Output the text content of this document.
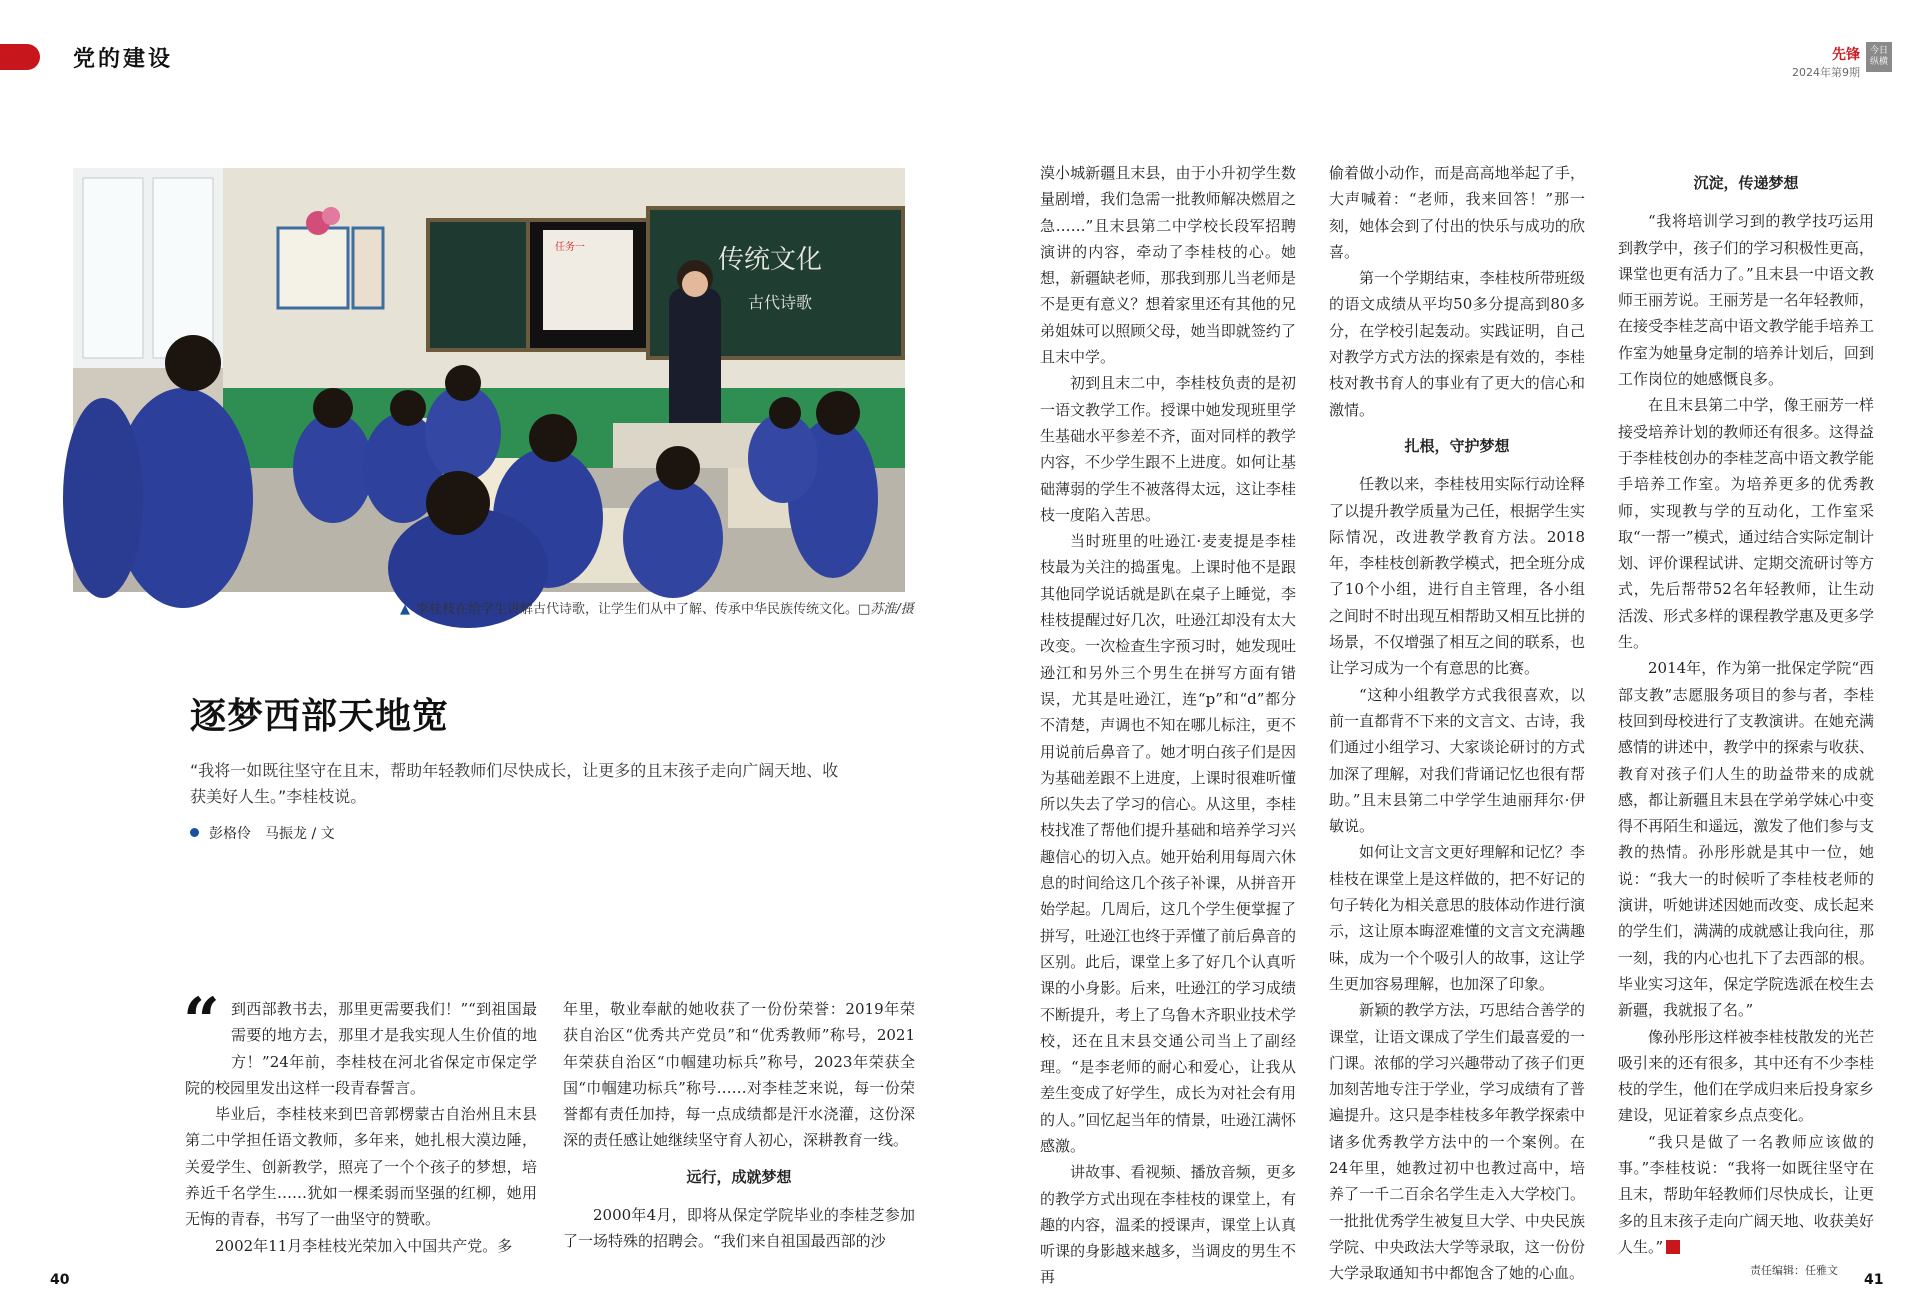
党的建设	先锋
2024年第9期
今日 纵横
任务一	传统文化
古代诗歌
▲ 李桂枝在给学生讲解古代诗歌，让学生们从中了解、传承中华民族传统文化。□苏淮/摄
逐梦西部天地宽
“我将一如既往坚守在且末，帮助年轻教师们尽快成长，让更多的且末孩子走向广阔天地、收获美好人生。”李桂枝说。
彭格伶　马振龙 / 文
“ 到西部教书去，那里更需要我们！”“到祖国最需要的地方去，那里才是我实现人生价值的地方！”24年前，李桂枝在河北省保定市保定学院的校园里发出这样一段青春誓言。

毕业后，李桂枝来到巴音郭楞蒙古自治州且末县第二中学担任语文教师，多年来，她扎根大漠边陲，关爱学生、创新教学，照亮了一个个孩子的梦想，培养近千名学生……犹如一棵柔弱而坚强的红柳，她用无悔的青春，书写了一曲坚守的赞歌。

2002年11月李桂枝光荣加入中国共产党。多

年里，敬业奉献的她收获了一份份荣誉：2019年荣获自治区“优秀共产党员”和“优秀教师”称号，2021年荣获自治区“巾帼建功标兵”称号，2023年荣获全国“巾帼建功标兵”称号……对李桂芝来说，每一份荣誉都有责任加持，每一点成绩都是汗水浇灌，这份深深的责任感让她继续坚守育人初心，深耕教育一线。

远行，成就梦想

2000年4月，即将从保定学院毕业的李桂芝参加了一场特殊的招聘会。“我们来自祖国最西部的沙

漠小城新疆且末县，由于小升初学生数量剧增，我们急需一批教师解决燃眉之急……”且末县第二中学校长段军招聘演讲的内容，牵动了李桂枝的心。她想，新疆缺老师，那我到那儿当老师是不是更有意义？想着家里还有其他的兄弟姐妹可以照顾父母，她当即就签约了且末中学。

初到且末二中，李桂枝负责的是初一语文教学工作。授课中她发现班里学生基础水平参差不齐，面对同样的教学内容，不少学生跟不上进度。如何让基础薄弱的学生不被落得太远，这让李桂枝一度陷入苦思。

当时班里的吐逊江·麦麦提是李桂枝最为关注的捣蛋鬼。上课时他不是跟其他同学说话就是趴在桌子上睡觉，李桂枝提醒过好几次，吐逊江却没有太大改变。一次检查生字预习时，她发现吐逊江和另外三个男生在拼写方面有错误，尤其是吐逊江，连“p”和“d”都分不清楚，声调也不知在哪儿标注，更不用说前后鼻音了。她才明白孩子们是因为基础差跟不上进度，上课时很难听懂所以失去了学习的信心。从这里，李桂枝找准了帮他们提升基础和培养学习兴趣信心的切入点。她开始利用每周六休息的时间给这几个孩子补课，从拼音开始学起。几周后，这几个学生便掌握了拼写，吐逊江也终于弄懂了前后鼻音的区别。此后，课堂上多了好几个认真听课的小身影。后来，吐逊江的学习成绩不断提升，考上了乌鲁木齐职业技术学校，还在且末县交通公司当上了副经理。“是李老师的耐心和爱心，让我从差生变成了好学生，成长为对社会有用的人。”回忆起当年的情景，吐逊江满怀感激。

讲故事、看视频、播放音频，更多的教学方式出现在李桂枝的课堂上，有趣的内容，温柔的授课声，课堂上认真听课的身影越来越多，当调皮的男生不再

偷着做小动作，而是高高地举起了手，大声喊着：“老师，我来回答！”那一刻，她体会到了付出的快乐与成功的欣喜。

第一个学期结束，李桂枝所带班级的语文成绩从平均50多分提高到80多分，在学校引起轰动。实践证明，自己对教学方式方法的探索是有效的，李桂枝对教书育人的事业有了更大的信心和激情。

扎根，守护梦想

任教以来，李桂枝用实际行动诠释了以提升教学质量为己任，根据学生实际情况，改进教学教育方法。2018年，李桂枝创新教学模式，把全班分成了10个小组，进行自主管理，各小组之间时不时出现互相帮助又相互比拼的场景，不仅增强了相互之间的联系，也让学习成为一个有意思的比赛。

“这种小组教学方式我很喜欢，以前一直都背不下来的文言文、古诗，我们通过小组学习、大家谈论研讨的方式加深了理解，对我们背诵记忆也很有帮助。”且末县第二中学学生迪丽拜尔·伊敏说。

如何让文言文更好理解和记忆？李桂枝在课堂上是这样做的，把不好记的句子转化为相关意思的肢体动作进行演示，这让原本晦涩难懂的文言文充满趣味，成为一个个吸引人的故事，这让学生更加容易理解，也加深了印象。

新颖的教学方法，巧思结合善学的课堂，让语文课成了学生们最喜爱的一门课。浓郁的学习兴趣带动了孩子们更加刻苦地专注于学业，学习成绩有了普遍提升。这只是李桂枝多年教学探索中诸多优秀教学方法中的一个案例。在24年里，她教过初中也教过高中，培养了一千二百余名学生走入大学校门。一批批优秀学生被复旦大学、中央民族学院、中央政法大学等录取，这一份份大学录取通知书中都饱含了她的心血。

沉淀，传递梦想

“我将培训学习到的教学技巧运用到教学中，孩子们的学习积极性更高，课堂也更有活力了。”且末县一中语文教师王丽芳说。王丽芳是一名年轻教师，在接受李桂芝高中语文教学能手培养工作室为她量身定制的培养计划后，回到工作岗位的她感慨良多。

在且末县第二中学，像王丽芳一样接受培养计划的教师还有很多。这得益于李桂枝创办的李桂芝高中语文教学能手培养工作室。为培养更多的优秀教师，实现教与学的互动化，工作室采取“一帮一”模式，通过结合实际定制计划、评价课程试讲、定期交流研讨等方式，先后帮带52名年轻教师，让生动活泼、形式多样的课程教学惠及更多学生。

2014年，作为第一批保定学院“西部支教”志愿服务项目的参与者，李桂枝回到母校进行了支教演讲。在她充满感情的讲述中，教学中的探索与收获、教育对孩子们人生的助益带来的成就感，都让新疆且末县在学弟学妹心中变得不再陌生和遥远，激发了他们参与支教的热情。孙彤彤就是其中一位，她说：“我大一的时候听了李桂枝老师的演讲，听她讲述因她而改变、成长起来的学生们，满满的成就感让我向往，那一刻，我的内心也扎下了去西部的根。毕业实习这年，保定学院选派在校生去新疆，我就报了名。”

像孙彤彤这样被李桂枝散发的光芒吸引来的还有很多，其中还有不少李桂枝的学生，他们在学成归来后投身家乡建设，见证着家乡点点变化。

“我只是做了一名教师应该做的事。”李桂枝说：“我将一如既往坚守在且末，帮助年轻教师们尽快成长，让更多的且末孩子走向广阔天地、收获美好人生。”

40
责任编辑：任雅文
41
